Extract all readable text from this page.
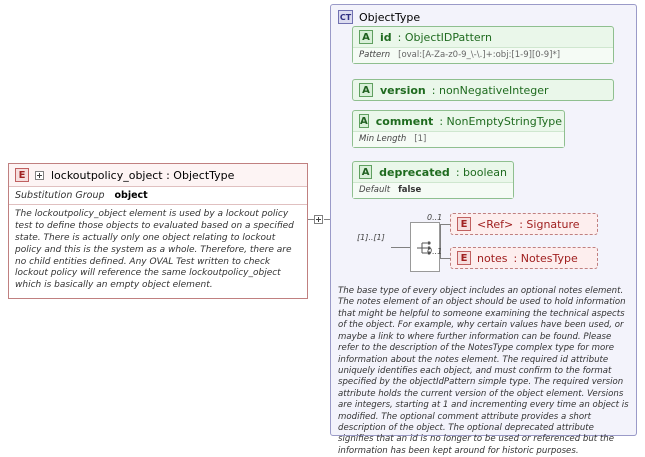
E	lockoutpolicy_object : ObjectType
Substitution Group object
The lockoutpolicy_object element is used by a lockout policy test to define those objects to evaluated based on a specified state. There is actually only one object relating to lockout policy and this is the system as a whole. Therefore, there are no child entities defined. Any OVAL Test written to check lockout policy will reference the same lockoutpolicy_object which is basically an empty object element.
CT ObjectType
A id : ObjectIDPattern
Pattern [oval:[A-Za-z0-9_\-\.]+:obj:[1-9][0-9]*]
A version : nonNegativeInteger
A comment : NonEmptyStringType
Min Length [1]
A deprecated : boolean
Default false
[1]..[1]
E <Ref> : Signature
0..1
E notes : NotesType
0..1
The base type of every object includes an optional notes element. The notes element of an object should be used to hold information that might be helpful to someone examining the technical aspects of the object. For example, why certain values have been used, or maybe a link to where further information can be found. Please refer to the description of the NotesType complex type for more information about the notes element. The required id attribute uniquely identifies each object, and must confirm to the format specified by the objectIdPattern simple type. The required version attribute holds the current version of the object element. Versions are integers, starting at 1 and incrementing every time an object is modified. The optional comment attribute provides a short description of the object. The optional deprecated attribute signifies that an id is no longer to be used or referenced but the information has been kept around for historic purposes.
